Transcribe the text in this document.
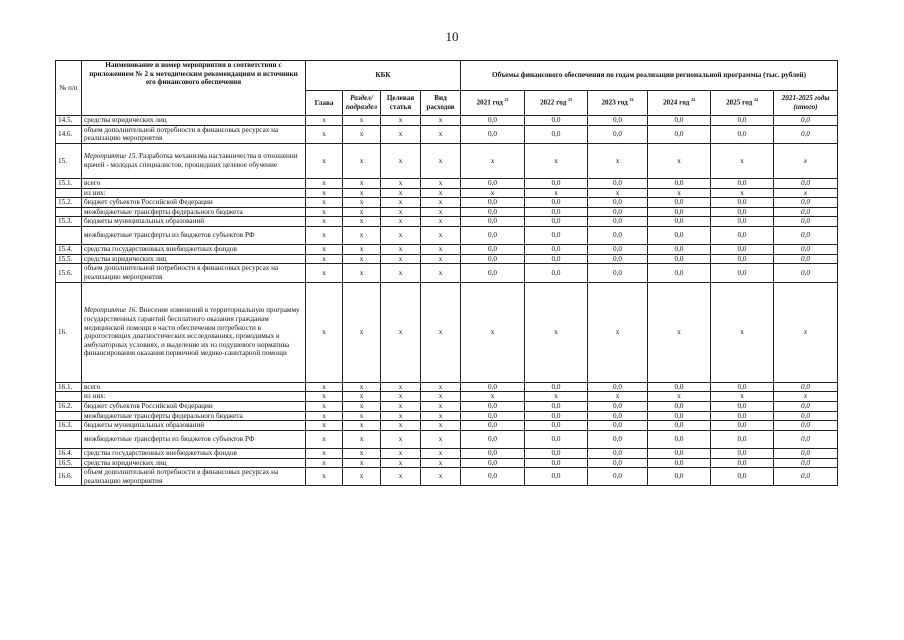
10
№ п/п	Наименование и номер мероприятия в соответствии с приложением № 2 к методическим рекомендациям и источники его финансового обеспечения	КБК				Объемы финансового обеспечения по годам реализации региональной программы (тыс. рублей)					
		Глава	Раздел/ подраздел	Целевая статья	Вид расходов	2021 год $^{22}$	2022 год $^{23}$	2023 год $^{24}$	2024 год $^{24}$	2025 год $^{24}$	2021-2025 годы (итого)
14.5.	средства юридических лиц	x	x	x	x	0,0	0,0	0,0	0,0	0,0	0,0
14.6.	объем дополнительной потребности в финансовых ресурсах на реализацию мероприятия	x	x	x	x	0,0	0,0	0,0	0,0	0,0	0,0
15.	Мероприятие 15. Разработка механизма наставничества в отношении врачей - молодых специалистов, прошедших целевое обучение	x	x	x	x	x	x	x	x	x	x
15.1.	всего	x	x	x	x	0,0	0,0	0,0	0,0	0,0	0,0
	из них:	x	x	x	x	x	x	x	x	x	x
15.2.	бюджет субъектов Российской Федерации	x	x	x	x	0,0	0,0	0,0	0,0	0,0	0,0
	межбюджетные трансферты федерального бюджета	x	x	x	x	0,0	0,0	0,0	0,0	0,0	0,0
15.3.	бюджеты муниципальных образований	x	x	x	x	0,0	0,0	0,0	0,0	0,0	0,0
	межбюджетные трансферты из бюджетов субъектов РФ	x	x	x	x	0,0	0,0	0,0	0,0	0,0	0,0
15.4.	средства государственных внебюджетных фондов	x	x	x	x	0,0	0,0	0,0	0,0	0,0	0,0
15.5.	средства юридических лиц	x	x	x	x	0,0	0,0	0,0	0,0	0,0	0,0
15.6.	объем дополнительной потребности в финансовых ресурсах на реализацию мероприятия	x	x	x	x	0,0	0,0	0,0	0,0	0,0	0,0
16.	Мероприятие 16. Внесение изменений в территориальную программу государственных гарантий бесплатного оказания гражданам медицинской помощи в части обеспечения потребности в дорогостоящих диагностических исследованиях, проводимых в амбулаторных условиях, и выделение их из подушевого норматива финансирования оказания первичной медико-санитарной помощи	x	x	x	x	x	x	x	x	x	x
16.1.	всего	x	x	x	x	0,0	0,0	0,0	0,0	0,0	0,0
	из них:	x	x	x	x	x	x	x	x	x	x
16.2.	бюджет субъектов Российской Федерации	x	x	x	x	0,0	0,0	0,0	0,0	0,0	0,0
	межбюджетные трансферты федерального бюджета	x	x	x	x	0,0	0,0	0,0	0,0	0,0	0,0
16.3.	бюджеты муниципальных образований	x	x	x	x	0,0	0,0	0,0	0,0	0,0	0,0
	межбюджетные трансферты из бюджетов субъектов РФ	x	x	x	x	0,0	0,0	0,0	0,0	0,0	0,0
16.4.	средства государственных внебюджетных фондов	x	x	x	x	0,0	0,0	0,0	0,0	0,0	0,0
16.5.	средства юридических лиц	x	x	x	x	0,0	0,0	0,0	0,0	0,0	0,0
16.6.	объем дополнительной потребности в финансовых ресурсах на реализацию мероприятия	x	x	x	x	0,0	0,0	0,0	0,0	0,0	0,0
